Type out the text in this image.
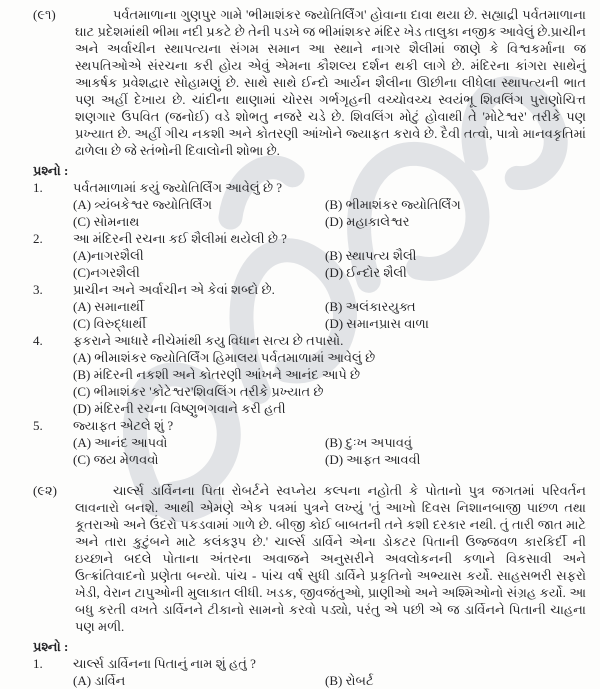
(૯૧)	પર્વતમાળાના ગુણપુર ગામે 'ભીમાશંકર જ્યોતિર્લિંગ' હોવાના દાવા થયા છે. સહ્યાદ્રી પર્વતમાળાના ઘાટ પ્રદેશમાંથી ભીમા નદી પ્રકટે છે તેની પડખે જ ભીમાંશકર મંદિર ખેડ તાલુકા નજીક આવેલું છે.પ્રાચીન અને અર્વાચીન સ્થાપત્યના સંગમ સમાન આ સ્થાને નાગર શૈલીમાં જાણે કે વિશ્વકર્માના જ સ્થપતિઓએ સંરચના કરી હોય એવું એમના કૌશલ્ય દર્શન થકી લાગે છે. મંદિરના કાંગરા સાથેનું આકર્ષક પ્રવેશદ્વાર સોહામણું છે. સાથે સાથે ઈન્દો આર્યન શૈલીના ઊછીના લીધેલા સ્થાપત્યની ભાત પણ અહીં દેખાય છે. ચાંદીના થાણામાં ચોરસ ગર્ભગૃહની વચ્ચોવચ્ચ સ્વયંભૂ શિવલિંગ પુરાણોચિત્ત શણગાર ઉપવિત (જનોઈ) વડે શોભતુ નજરે ચડે છે. શિવલિંગ મોટું હોવાથી તે 'મોટેશ્વર' તરીકે પણ પ્રખ્યાત છે. અહીં ગીચ નકશી અને કોતરણી આંખોને જ્યાફત કરાવે છે. દૈવી તત્વો, પાત્રો માનવકૃતિમાં ઢાળેલા છે જે સ્તંભોની દિવાલોની શોભા છે.
પ્રશ્નો :
1.	પર્વતમાળામાં કયું જ્યોતિર્લિંગ આવેલું છે ?
(A) ત્ર્યંબકેશ્વર જ્યોતિર્લિંગ	(B) ભીમાશંકર જ્યોતિર્લિંગ
(C) સોમનાથ	(D) મહાકાલેશ્વર
2.	આ મંદિરની રચના કઈ શૈલીમાં થયેલી છે ?
(A)નાગરશૈલી	(B) સ્થાપત્ય શૈલી
(C)નગરશૈલી	(D) ઈન્દોર શૈલી
3.	પ્રાચીન અને અર્વાચીન એ કેવાં શબ્દો છે.
(A) સમાનાર્થી	(B) અલંકારયુક્ત
(C) વિરુદ્ધાર્થી	(D) સમાનપ્રાસ વાળા
4.	ફકરાને આધારે નીચેમાંથી કયુ વિધાન સત્ય છે તપાસો.
(A) ભીમાશંકર જ્યોતિર્લિંગ હિમાલય પર્વતમાળામાં આવેલું છે
(B) મંદિરની નકશી અને કોતરણી આંખને આનંદ આપે છે
(C) ભીમાશંકર 'કોટેશ્વર'શિવલિંગ તરીકે પ્રખ્યાત છે
(D) મંદિરની રચના વિષ્ણુભગવાને કરી હતી
5.	જ્યાફત એટલે શું ?
(A) આનંદ આપવો	(B) દુઃખ અપાવવું
(C) જય મેળવવો	(D) આફત આવવી
(૯૨)	ચાર્લ્સ ડાર્વિનના પિતા રોબર્ટને સ્વપ્નેય કલ્પના નહોતી કે પોતાનો પુત્ર જગતમાં પરિવર્તન લાવનારો બનશે. આથી એમણે એક પત્રમાં પુત્રને લખ્યું 'તું આખો દિવસ નિશાનબાજી પાછળ તથા કૂતરાઓ અને ઉંદરો પકડવામાં ગાળે છે. બીજી કોઈ બાબતની તને કશી દરકાર નથી. તું તારી જાત માટે અને તારા કુટુંબને માટે કલંકરૂપ છે.' ચાર્લ્સ ડાર્વિને એના ડોકટર પિતાની ઉજ્જવળ કારકિર્દી ની ઇચ્છાને બદલે પોતાના અંતરના અવાજને અનુસરીને અવલોકનની કળાને વિકસાવી અને ઉત્ક્રાંતિવાદનો પ્રણેતા બન્યો. પાંચ - પાંચ વર્ષ સુધી ડાર્વિને પ્રકૃતિનો અભ્યાસ કર્યો. સાહસભરી સફરો ખેડી, વેરાન ટાપુઓની મુલાકાત લીધી. ખડક, જીવજંતુઓ, પ્રાણીઓ અને અશ્મિઓનો સંગ્રહ કર્યો. આ બધુ કરતી વખતે ડાર્વિનને ટીકાનો સામનો કરવો પડ્યો, પરંતુ એ પછી એ જ ડાર્વિનને પિતાની ચાહના પણ મળી.
પ્રશ્નો :
1.	ચાર્લ્સ ડાર્વિનના પિતાનું નામ શું હતું ?
(A) ડાર્વિન	(B) રોબર્ટ
